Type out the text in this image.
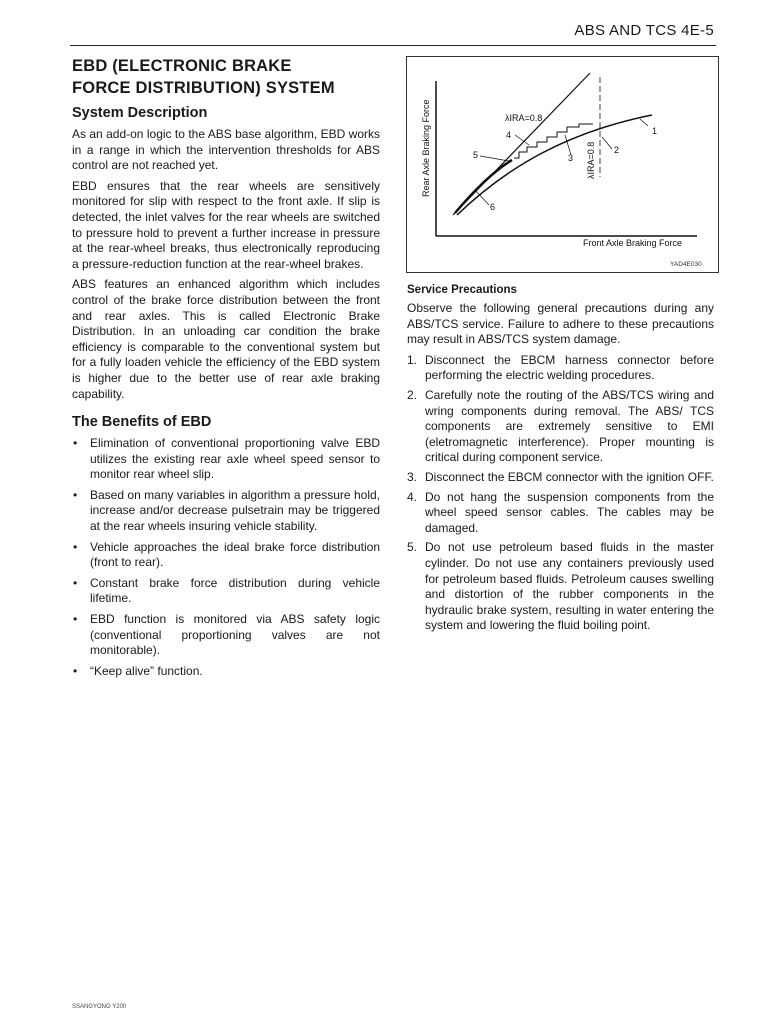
ABS AND TCS 4E-5
EBD (ELECTRONIC BRAKE
FORCE DISTRIBUTION) SYSTEM
System Description

As an add-on logic to the ABS base algorithm, EBD works in a range in which the intervention thresholds for ABS control are not reached yet.

EBD ensures that the rear wheels are sensitively monitored for slip with respect to the front axle. If slip is detected, the inlet valves for the rear wheels are switched to pressure hold to prevent a further increase in pressure at the rear-wheel breaks, thus electronically reproducing a pressure-reduction function at the rear-wheel brakes.

ABS features an enhanced algorithm which includes control of the brake force distribution between the front and rear axles. This is called Electronic Brake Distribution. In an unloading car condition the brake efficiency is comparable to the conventional system but for a fully loaden vehicle the efficiency of the EBD system is higher due to the better use of rear axle braking capability.

The Benefits of EBD
• Elimination of conventional proportioning valve EBD utilizes the existing rear axle wheel speed sensor to monitor rear wheel slip.
• Based on many variables in algorithm a pressure hold, increase and/or decrease pulsetrain may be triggered at the rear wheels insuring vehicle stability.
• Vehicle approaches the ideal brake force distribution (front to rear).
• Constant brake force distribution during vehicle lifetime.
• EBD function is monitored via ABS safety logic (conventional proportioning valves are not monitorable).
• “Keep alive” function.
Rear Axle Braking Force
Front Axle Braking Force
λIRA=0.8
λIRA=0.8
1
2
3
4
5
6
YAD4E030
Service Precautions

Observe the following general precautions during any ABS/TCS service. Failure to adhere to these precautions may result in ABS/TCS system damage.

1. Disconnect the EBCM harness connector before performing the electric welding procedures.
2. Carefully note the routing of the ABS/TCS wiring and wring components during removal. The ABS/ TCS components are extremely sensitive to EMI (eletromagnetic interference). Proper mounting is critical during component service.
3. Disconnect the EBCM connector with the ignition OFF.
4. Do not hang the suspension components from the wheel speed sensor cables. The cables may be damaged.
5. Do not use petroleum based fluids in the master cylinder. Do not use any containers previously used for petroleum based fluids. Petroleum causes swelling and distortion of the rubber components in the hydraulic brake system, resulting in water entering the system and lowering the fluid boiling point.
SSANGYONG Y200
